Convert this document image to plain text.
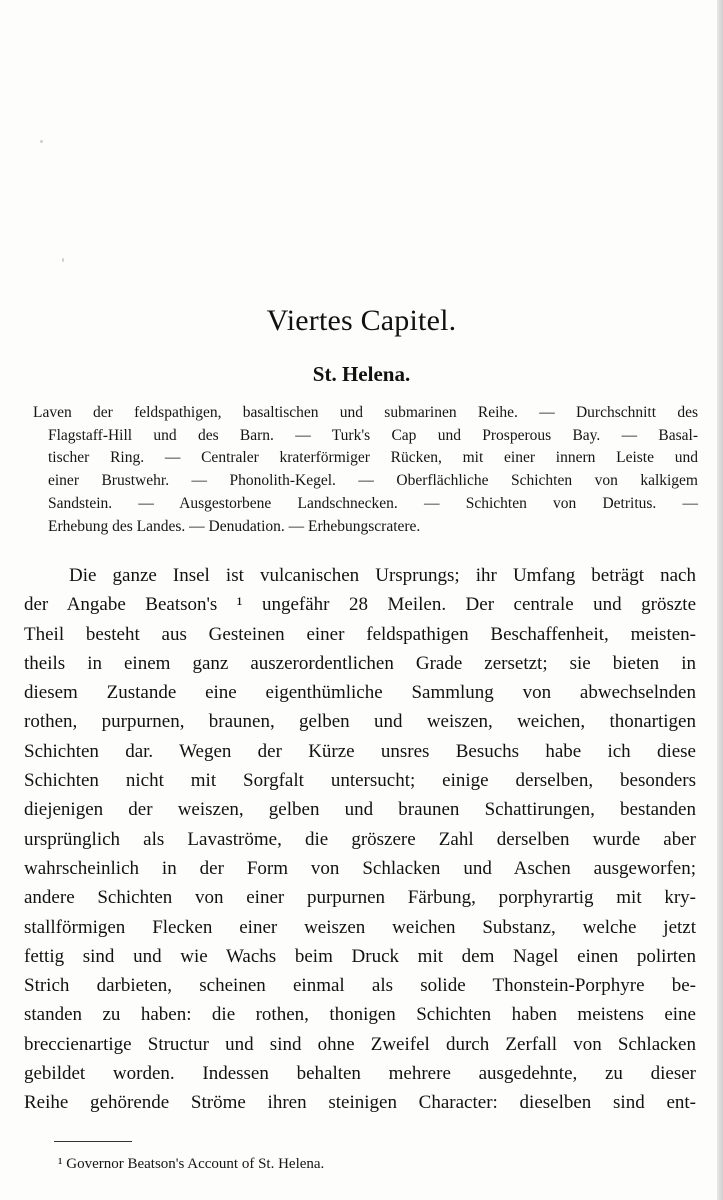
Viertes Capitel.
St. Helena.
Laven der feldspathigen, basaltischen und submarinen Reihe. — Durchschnitt des
Flagstaff-Hill und des Barn. — Turk's Cap und Prosperous Bay. — Basal-
tischer Ring. — Centraler kraterförmiger Rücken, mit einer innern Leiste und
einer Brustwehr. — Phonolith-Kegel. — Oberflächliche Schichten von kalkigem
Sandstein. — Ausgestorbene Landschnecken. — Schichten von Detritus. —
Erhebung des Landes. — Denudation. — Erhebungscratere.
Die ganze Insel ist vulcanischen Ursprungs; ihr Umfang beträgt nach
der Angabe Beatson's ¹ ungefähr 28 Meilen. Der centrale und gröszte
Theil besteht aus Gesteinen einer feldspathigen Beschaffenheit, meisten-
theils in einem ganz auszerordentlichen Grade zersetzt; sie bieten in
diesem Zustande eine eigenthümliche Sammlung von abwechselnden
rothen, purpurnen, braunen, gelben und weiszen, weichen, thonartigen
Schichten dar. Wegen der Kürze unsres Besuchs habe ich diese
Schichten nicht mit Sorgfalt untersucht; einige derselben, besonders
diejenigen der weiszen, gelben und braunen Schattirungen, bestanden
ursprünglich als Lavaströme, die gröszere Zahl derselben wurde aber
wahrscheinlich in der Form von Schlacken und Aschen ausgeworfen;
andere Schichten von einer purpurnen Färbung, porphyrartig mit kry-
stallförmigen Flecken einer weiszen weichen Substanz, welche jetzt
fettig sind und wie Wachs beim Druck mit dem Nagel einen polirten
Strich darbieten, scheinen einmal als solide Thonstein-Porphyre be-
standen zu haben: die rothen, thonigen Schichten haben meistens eine
breccienartige Structur und sind ohne Zweifel durch Zerfall von Schlacken
gebildet worden. Indessen behalten mehrere ausgedehnte, zu dieser
Reihe gehörende Ströme ihren steinigen Character: dieselben sind ent-
¹ Governor Beatson's Account of St. Helena.
